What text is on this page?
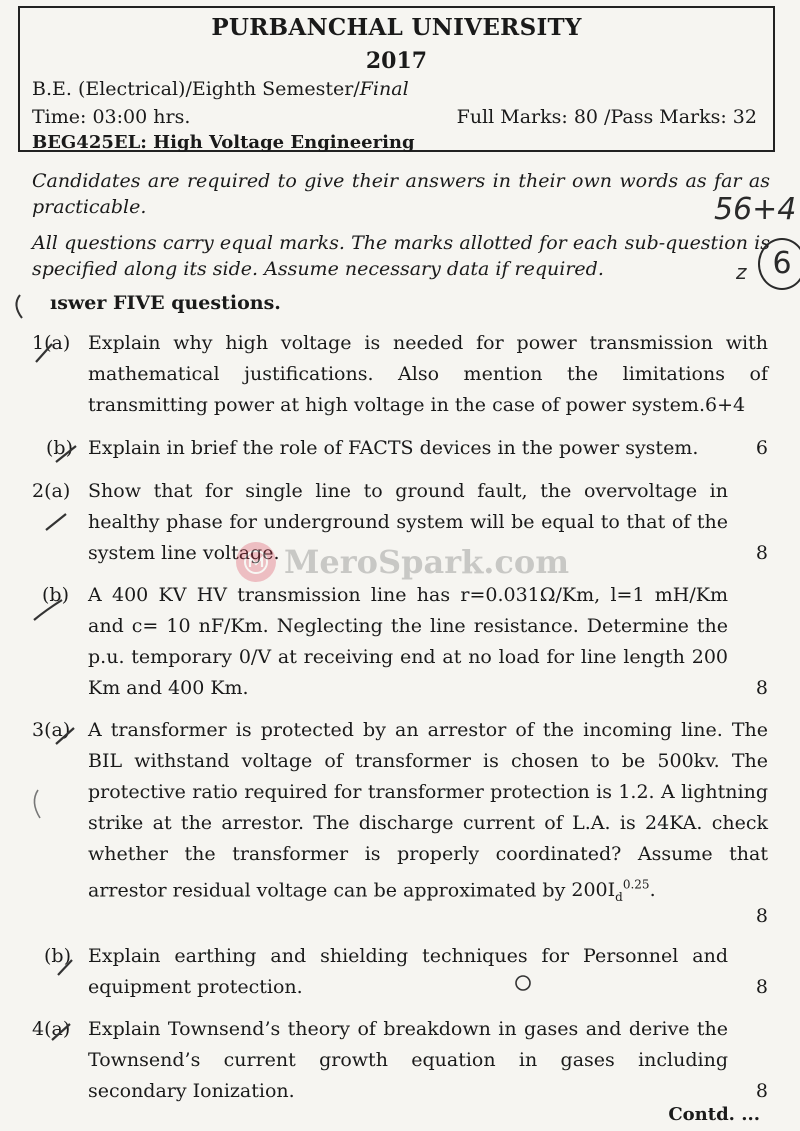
PURBANCHAL UNIVERSITY
2017
B.E. (Electrical)/Eighth Semester/Final
Time: 03:00 hrs.	Full Marks: 80 /Pass Marks: 32
BEG425EL: High Voltage Engineering
Candidates are required to give their answers in their own words as far as practicable.
All questions carry equal marks. The marks allotted for each sub-question is specified along its side. Assume necessary data if required.
ıswer FIVE questions.
1(a) Explain why high voltage is needed for power transmission with mathematical justifications. Also mention the limitations of transmitting power at high voltage in the case of power system.6+4
(b) Explain in brief the role of FACTS devices in the power system.	6
2(a) Show that for single line to ground fault, the overvoltage in healthy phase for underground system will be equal to that of the system line voltage.	8
(b)	A 400 KV HV transmission line has r=0.031Ω/Km, l=1 mH/Km and c= 10 nF/Km. Neglecting the line resistance. Determine the p.u. temporary 0/V at receiving end at no load for line length 200 Km and 400 Km.	8
3(a) A transformer is protected by an arrestor of the incoming line. The BIL withstand voltage of transformer is chosen to be 500kv. The protective ratio required for transformer protection is 1.2. A lightning strike at the arrestor. The discharge current of L.A. is 24KA. check whether the transformer is properly coordinated? Assume that arrestor residual voltage can be approximated by $200I_d^{0.25}$.
8
(b) Explain earthing and shielding techniques for Personnel and equipment protection.	8
4(a) Explain Townsend’s theory of breakdown in gases and derive the Townsend’s current growth equation in gases including secondary Ionization.	8
Contd. ...
MeroSpark.com
56+4
z 6
